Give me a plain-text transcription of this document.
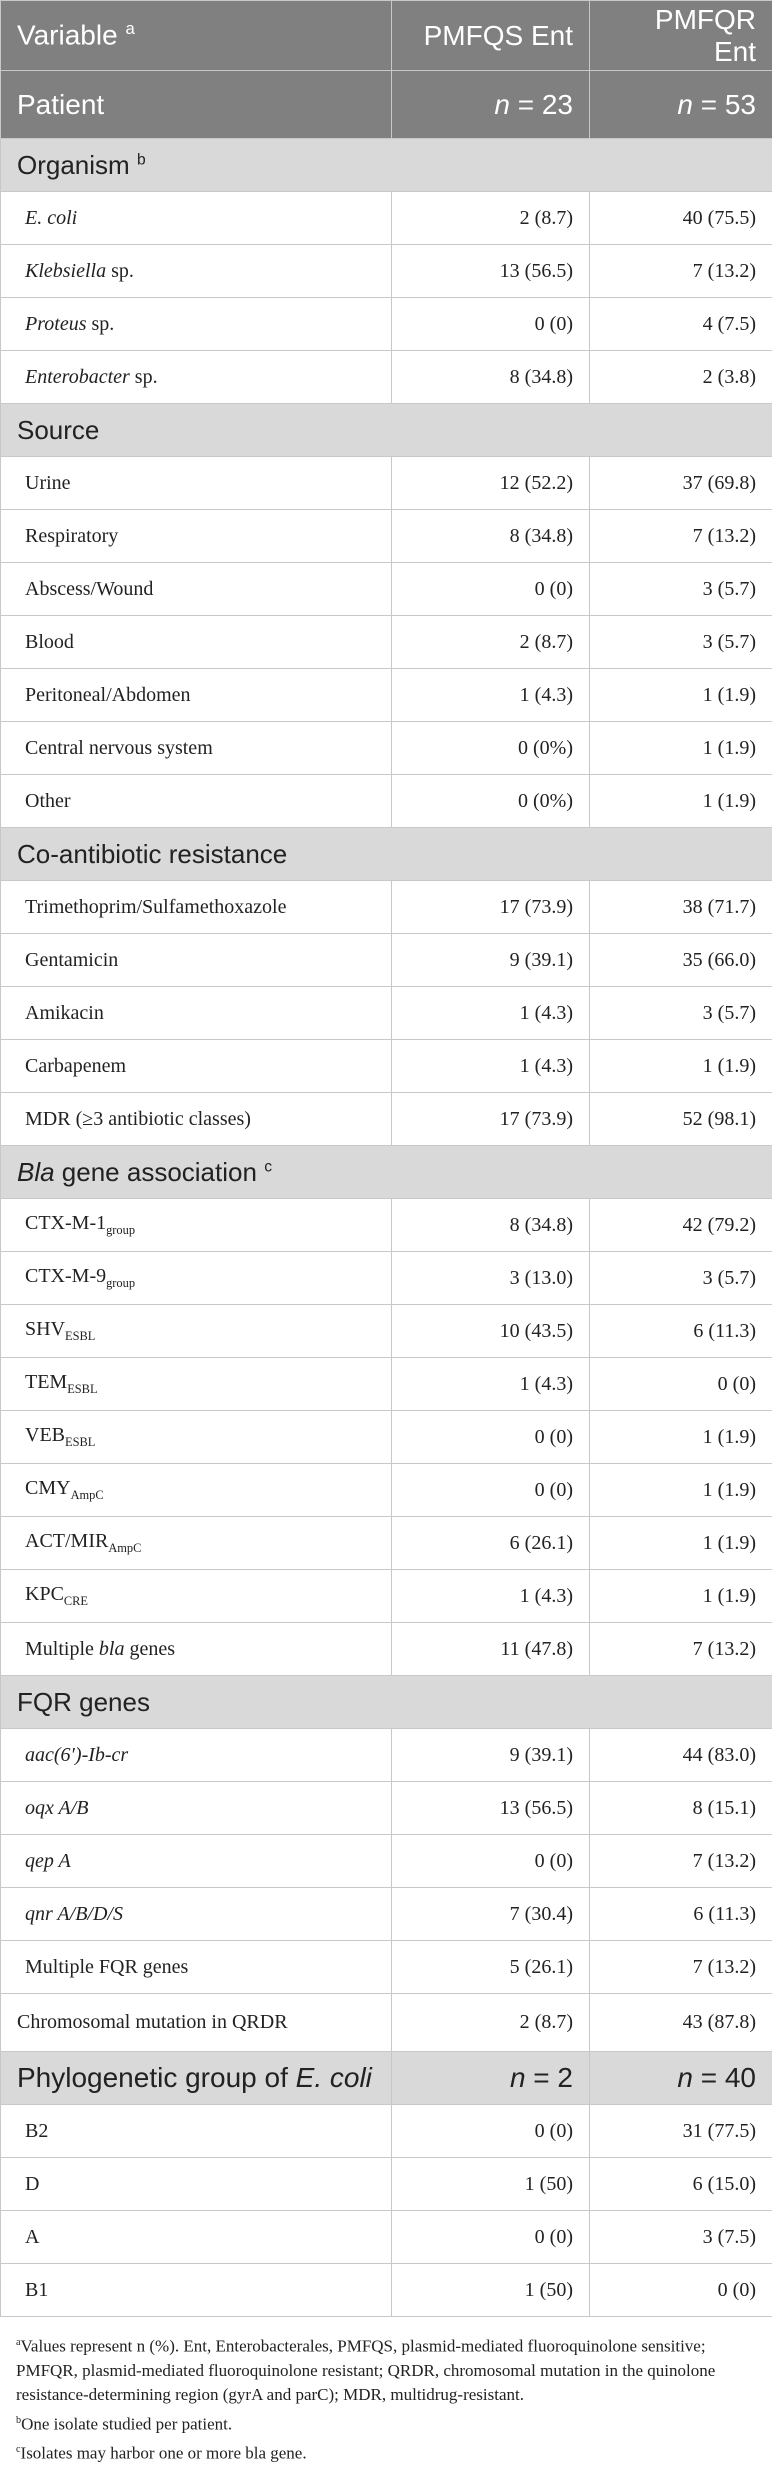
Variable $^a$	PMFQS Ent	PMFQR Ent
Patient	n = 23	n = 53
Organism $^b$
E. coli	2 (8.7)	40 (75.5)
Klebsiella sp.	13 (56.5)	7 (13.2)
Proteus sp.	0 (0)	4 (7.5)
Enterobacter sp.	8 (34.8)	2 (3.8)
Source		
Urine	12 (52.2)	37 (69.8)
Respiratory	8 (34.8)	7 (13.2)
Abscess/Wound	0 (0)	3 (5.7)
Blood	2 (8.7)	3 (5.7)
Peritoneal/Abdomen	1 (4.3)	1 (1.9)
Central nervous system	0 (0%)	1 (1.9)
Other	0 (0%)	1 (1.9)
Co-antibiotic resistance		
Trimethoprim/Sulfamethoxazole	17 (73.9)	38 (71.7)
Gentamicin	9 (39.1)	35 (66.0)
Amikacin	1 (4.3)	3 (5.7)
Carbapenem	1 (4.3)	1 (1.9)
MDR (≥3 antibiotic classes)	17 (73.9)	52 (98.1)
Bla gene association $^c$
CTX-$M-1_{group}$	8 (34.8)	42 (79.2)
CTX-$M-9_{group}$	3 (13.0)	3 (5.7)
$SHV_{ESBL}$	10 (43.5)	6 (11.3)
$TEM_{ESBL}$	1 (4.3)	0 (0)
$VEB_{ESBL}$	0 (0)	1 (1.9)
$CMY_{AmpC}$	0 (0)	1 (1.9)
ACT/$MIR_{AmpC}$	6 (26.1)	1 (1.9)
$KPC_{CRE}$	1 (4.3)	1 (1.9)
Multiple bla genes	11 (47.8)	7 (13.2)
FQR genes		
aac(6′)-Ib-cr	9 (39.1)	44 (83.0)
oqx A/B	13 (56.5)	8 (15.1)
qep A	0 (0)	7 (13.2)
qnr A/B/D/S	7 (30.4)	6 (11.3)
Multiple FQR genes	5 (26.1)	7 (13.2)
Chromosomal mutation in QRDR	2 (8.7)	43 (87.8)
Phylogenetic group of E. coli	n = 2	n = 40
B2	0 (0)	31 (77.5)
D	1 (50)	6 (15.0)
A	0 (0)	3 (7.5)
B1	1 (50)	0 (0)

$^a$Values represent n (%). Ent, Enterobacterales, PMFQS, plasmid-mediated fluoroquinolone sensitive; PMFQR, plasmid-mediated fluoroquinolone resistant; QRDR, chromosomal mutation in the quinolone resistance-determining region (gyrA and parC); MDR, multidrug-resistant.

$^b$One isolate studied per patient.

$^c$Isolates may harbor one or more bla gene.
